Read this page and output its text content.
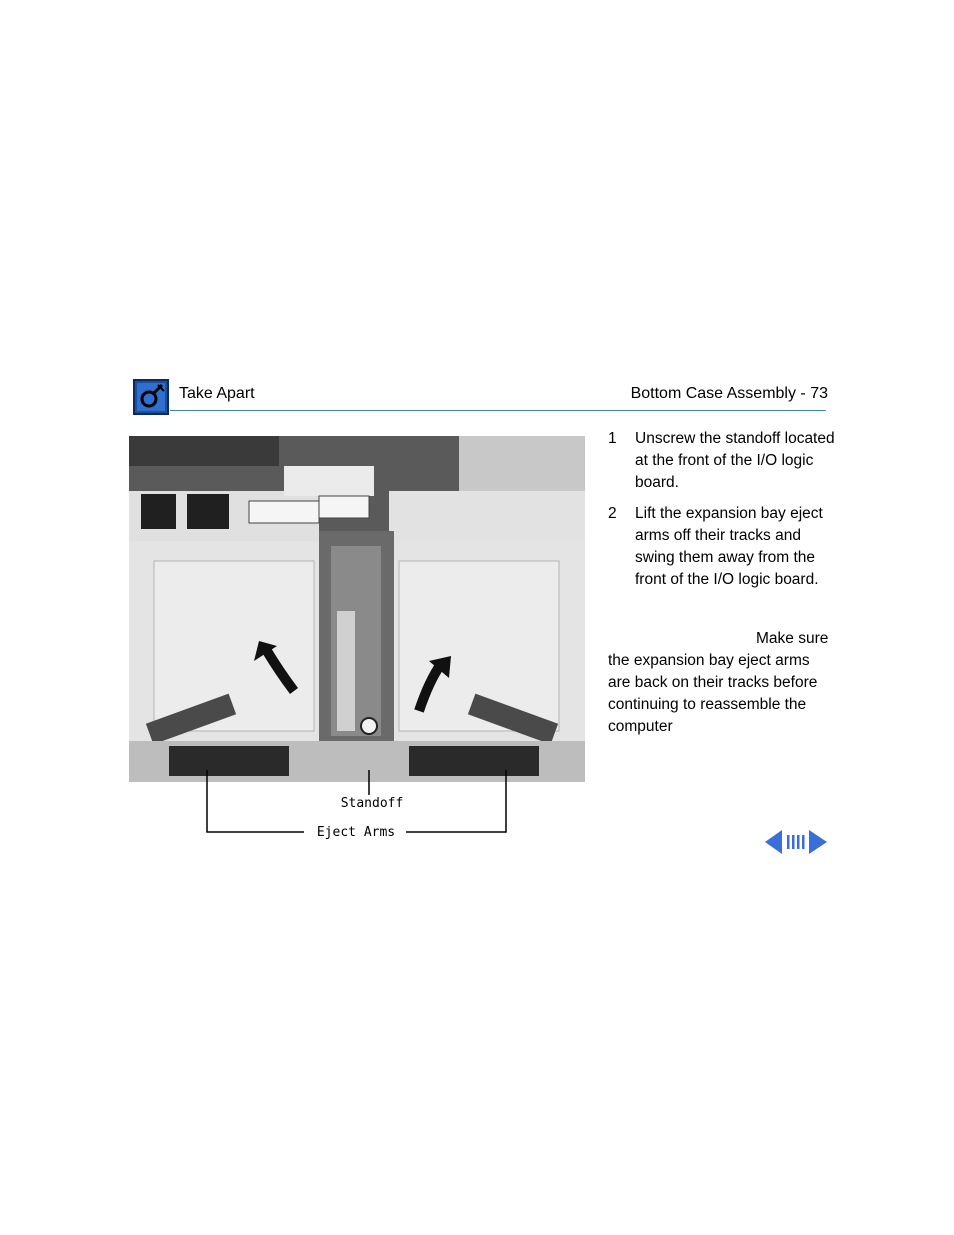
Take Apart	Bottom Case Assembly - 73
Standoff
Eject Arms
1	Unscrew the standoff located at the front of the I/O logic board.
2	Lift the expansion bay eject arms off their tracks and swing them away from the front of the I/O logic board.
Make sure the expansion bay eject arms are back on their tracks before continuing to reassemble the computer
